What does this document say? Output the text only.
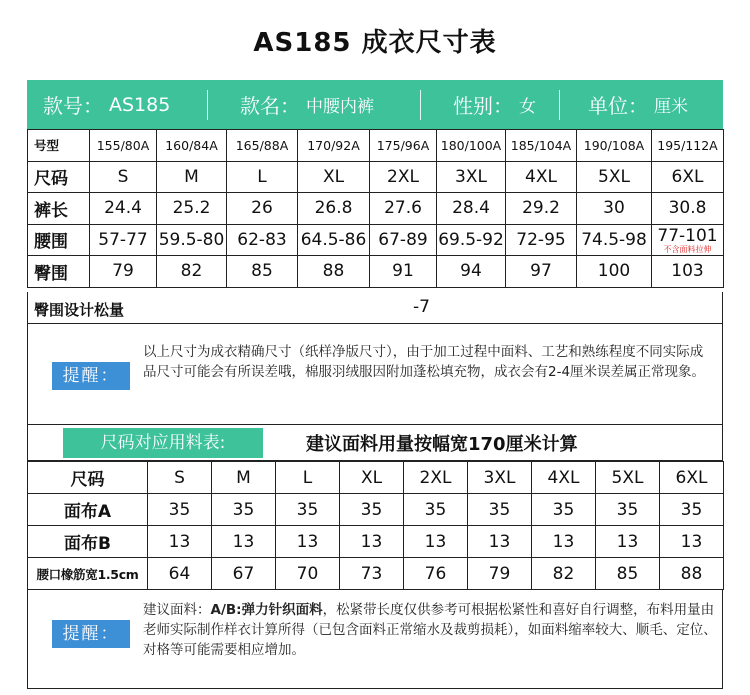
AS185 成衣尺寸表
款号： AS185	款名： 中腰内裤	性别： 女	单位： 厘米
号型	155/80A	160/84A	165/88A	170/92A	175/96A	180/100A	185/104A	190/108A	195/112A
尺码	S	M	L	XL	2XL	3XL	4XL	5XL	6XL
裤长	24.4	25.2	26	26.8	27.6	28.4	29.2	30	30.8
腰围	57-77	59.5-80	62-83	64.5-86	67-89	69.5-92	72-95	74.5-98	77-101
不含面料拉伸

臀围	79	82	85	88	91	94	97	100	103
臀围设计松量	-7
提醒：
以上尺寸为成衣精确尺寸（纸样净版尺寸），由于加工过程中面料、工艺和熟练程度不同实际成品尺寸可能会有所误差哦，棉服羽绒服因附加蓬松填充物，成衣会有2-4厘米误差属正常现象。
尺码对应用料表:	建议面料用量按幅宽170厘米计算
尺码	S	M	L	XL	2XL	3XL	4XL	5XL	6XL
面布A	35	35	35	35	35	35	35	35	35
面布B	13	13	13	13	13	13	13	13	13
腰口橡筋宽1.5cm	64	67	70	73	76	79	82	85	88
提醒：
建议面料：A/B:弹力针织面料，松紧带长度仅供参考可根据松紧性和喜好自行调整，布料用量由老师实际制作样衣计算所得（已包含面料正常缩水及裁剪损耗），如面料缩率较大、顺毛、定位、对格等可能需要相应增加。
